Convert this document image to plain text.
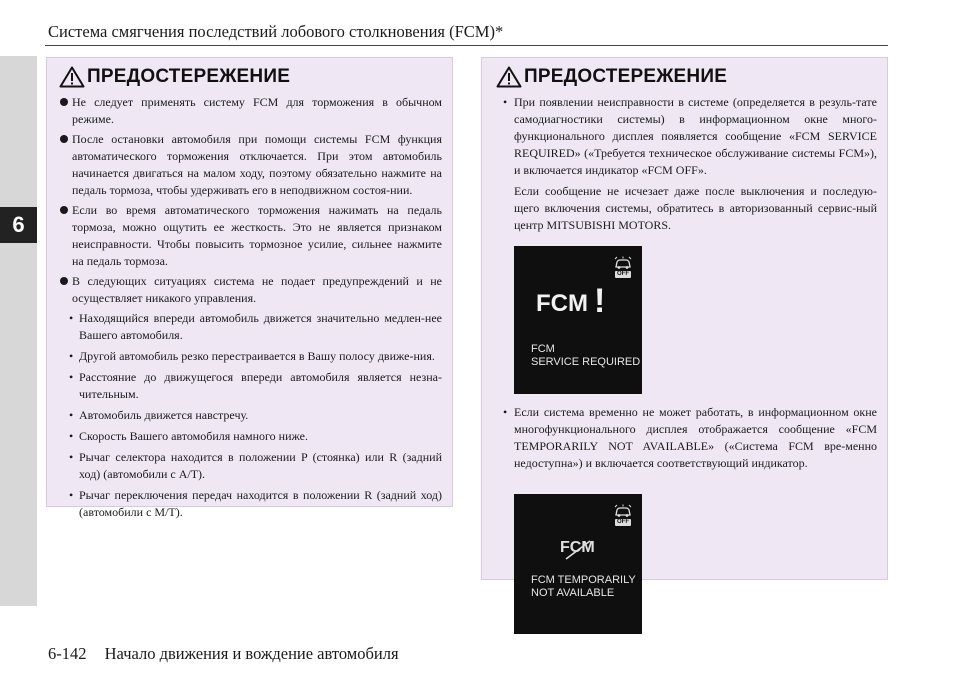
6
Система смягчения последствий лобового столкновения (FCM)*
ПРЕДОСТЕРЕЖЕНИЕ
Не следует применять систему FCM для торможения в обычном режиме.
После остановки автомобиля при помощи системы FCM функция автоматического торможения отключается. При этом автомобиль начинается двигаться на малом ходу, поэтому обязательно нажмите на педаль тормоза, чтобы удерживать его в неподвижном состоя-нии.
Если во время автоматического торможения нажимать на педаль тормоза, можно ощутить ее жесткость. Это не является признаком неисправности. Чтобы повысить тормозное усилие, сильнее нажмите на педаль тормоза.
В следующих ситуациях система не подает предупреждений и не осуществляет никакого управления.
• Находящийся впереди автомобиль движется значительно медлен-нее Вашего автомобиля.
• Другой автомобиль резко перестраивается в Вашу полосу движе-ния.
• Расстояние до движущегося впереди автомобиля является незна-чительным.
• Автомобиль движется навстречу.
• Скорость Вашего автомобиля намного ниже.
• Рычаг селектора находится в положении P (стоянка) или R (задний ход) (автомобили с A/T).
• Рычаг переключения передач находится в положении R (задний ход) (автомобили с M/T).
ПРЕДОСТЕРЕЖЕНИЕ
• При появлении неисправности в системе (определяется в резуль-тате самодиагностики системы) в информационном окне много-функционального дисплея появляется сообщение «FCM SERVICE REQUIRED» («Требуется техническое обслуживание системы FCM»), и включается индикатор «FCM OFF».
Если сообщение не исчезает даже после выключения и последую-щего включения системы, обратитесь в авторизованный сервис-ный центр MITSUBISHI MOTORS.
OFF
FCM !
FCM
SERVICE REQUIRED
• Если система временно не может работать, в информационном окне многофункционального дисплея отображается сообщение «FCM TEMPORARILY NOT AVAILABLE» («Система FCM вре-менно недоступна») и включается соответствующий индикатор.
OFF
FCM
FCM TEMPORARILY
NOT AVAILABLE
6-142 Начало движения и вождение автомобиля
